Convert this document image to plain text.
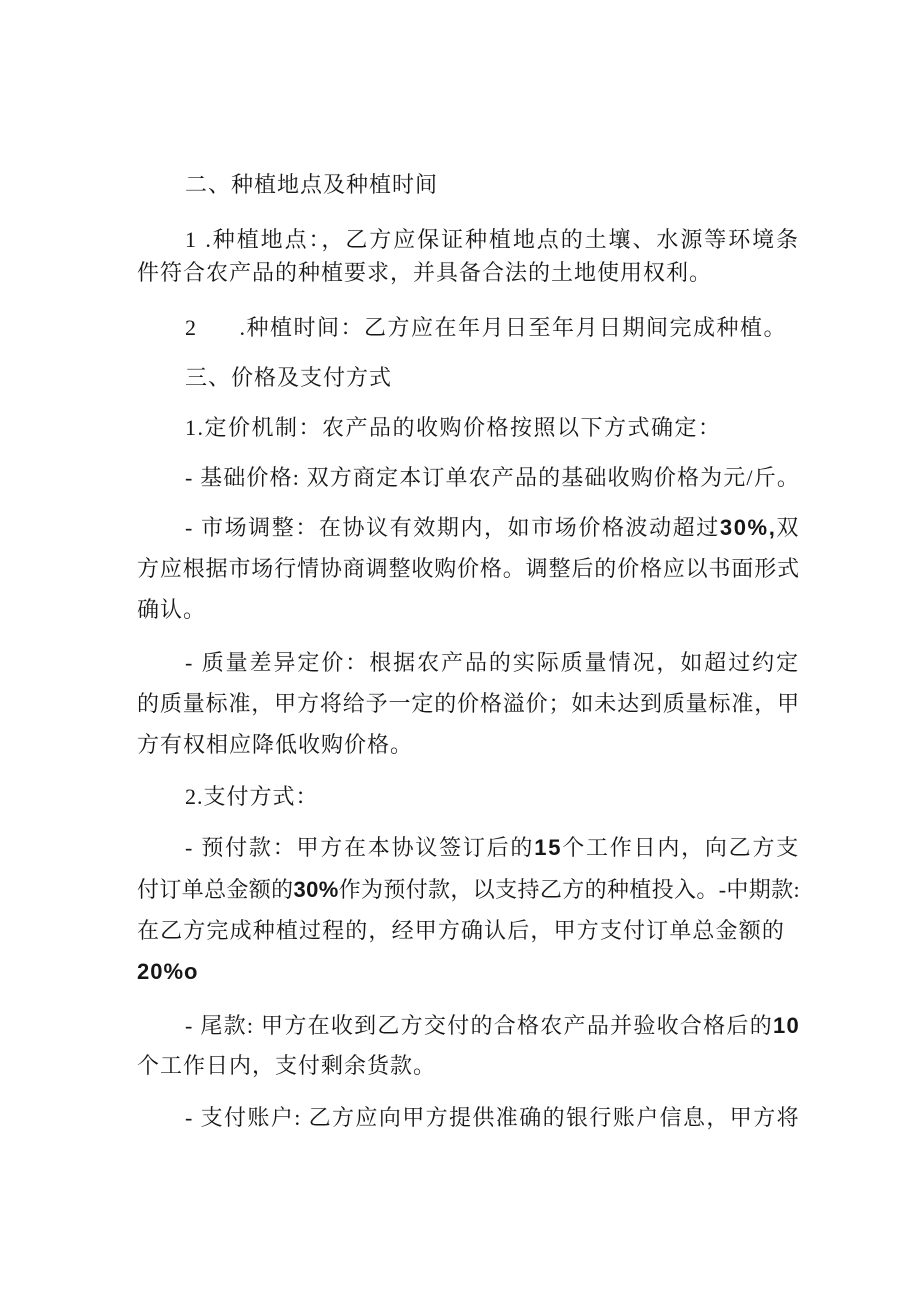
二、种植地点及种植时间
1 .种植地点：，乙方应保证种植地点的土壤、水源等环境条
件符合农产品的种植要求，并具备合法的土地使用权利。
2      .种植时间：乙方应在年月日至年月日期间完成种植。
三、价格及支付方式
1.定价机制：农产品的收购价格按照以下方式确定：
- 基础价格: 双方商定本订单农产品的基础收购价格为元/斤。
- 市场调整：在协议有效期内，如市场价格波动超过30%,双
方应根据市场行情协商调整收购价格。调整后的价格应以书面形式
确认。
- 质量差异定价：根据农产品的实际质量情况，如超过约定
的质量标准，甲方将给予一定的价格溢价；如未达到质量标准，甲
方有权相应降低收购价格。
2.支付方式：
- 预付款：甲方在本协议签订后的15个工作日内，向乙方支
付订单总金额的30%作为预付款，以支持乙方的种植投入。-中期款:
在乙方完成种植过程的，经甲方确认后，甲方支付订单总金额的
20%o
- 尾款: 甲方在收到乙方交付的合格农产品并验收合格后的10
个工作日内，支付剩余货款。
- 支付账户: 乙方应向甲方提供准确的银行账户信息，甲方将
